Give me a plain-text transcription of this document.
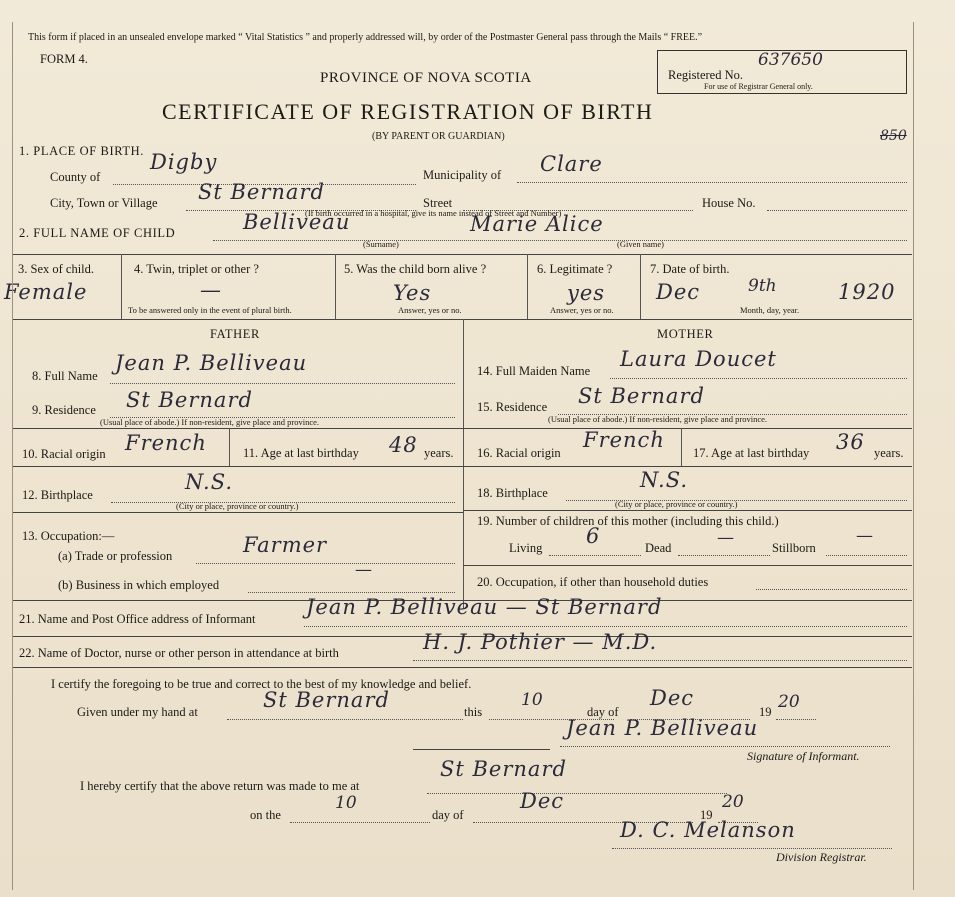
This form if placed in an unsealed envelope marked “ Vital Statistics ” and properly addressed will, by order of the Postmaster General pass through the Mails “ FREE.”
FORM 4.
PROVINCE OF NOVA SCOTIA
CERTIFICATE OF REGISTRATION OF BIRTH
(BY PARENT OR GUARDIAN)
Registered No.
637650
For use of Registrar General only.
850
1. PLACE OF BIRTH.
County of
Digby
Municipality of Clare
City, Town or Village St Bernard	Street	House No.
(If birth occurred in a hospital, give its name instead of Street and Number)
2. FULL NAME OF CHILD	Belliveau	Marie Alice
(Surname)	(Given name)
3. Sex of child.
Female
4. Twin, triplet or other ?
—
To be answered only in the event of plural birth.
5. Was the child born alive ?
Yes
Answer, yes or no.
6. Legitimate ?
yes
Answer, yes or no.
7. Date of birth.
Dec	9th	1920
Month, day, year.
FATHER	MOTHER
8. Full Name
Jean P. Belliveau
9. Residence St Bernard
(Usual place of abode.) If non-resident, give place and province.
10. Racial origin French	11. Age at last birthday 48 years.
12. Birthplace
N.S.
(City or place, province or country.)
13. Occupation:—
(a) Trade or profession	Farmer
(b) Business in which employed
—
14. Full Maiden Name Laura Doucet
15. Residence St Bernard
(Usual place of abode.) If non-resident, give place and province.
16. Racial origin
French
17. Age at last birthday 36 years.
18. Birthplace
N.S.
(City or place, province or country.)
19. Number of children of this mother (including this child.)
Living 6	Dead	—	Stillborn
—
20. Occupation, if other than household duties
21. Name and Post Office address of Informant Jean P. Belliveau — St Bernard
22. Name of Doctor, nurse or other person in attendance at birth	H. J. Pothier — M.D.
I certify the foregoing to be true and correct to the best of my knowledge and belief.
Given under my hand at	St Bernard	this
10
day of
Dec
19 20
Jean P. Belliveau
Signature of Informant.
I hereby certify that the above return was made to me at
St Bernard
on the
10
day of
Dec
19
20
D. C. Melanson
Division Registrar.
